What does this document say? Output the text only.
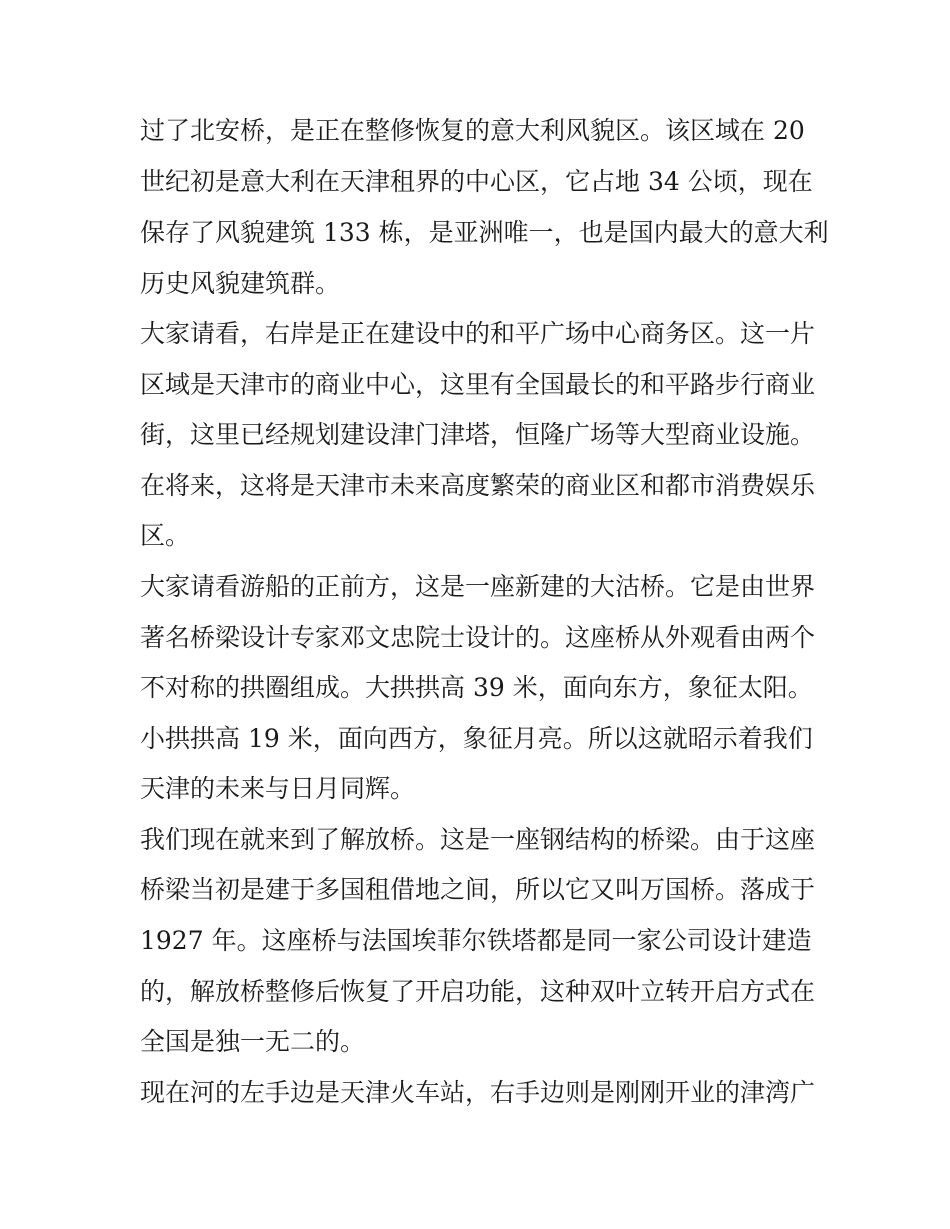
过了北安桥，是正在整修恢复的意大利风貌区。该区域在 20
世纪初是意大利在天津租界的中心区，它占地 34 公顷，现在
保存了风貌建筑 133 栋，是亚洲唯一，也是国内最大的意大利
历史风貌建筑群。
大家请看，右岸是正在建设中的和平广场中心商务区。这一片
区域是天津市的商业中心，这里有全国最长的和平路步行商业
街，这里已经规划建设津门津塔，恒隆广场等大型商业设施。
在将来，这将是天津市未来高度繁荣的商业区和都市消费娱乐
区。
大家请看游船的正前方，这是一座新建的大沽桥。它是由世界
著名桥梁设计专家邓文忠院士设计的。这座桥从外观看由两个
不对称的拱圈组成。大拱拱高 39 米，面向东方，象征太阳。
小拱拱高 19 米，面向西方，象征月亮。所以这就昭示着我们
天津的未来与日月同辉。
我们现在就来到了解放桥。这是一座钢结构的桥梁。由于这座
桥梁当初是建于多国租借地之间，所以它又叫万国桥。落成于
1927 年。这座桥与法国埃菲尔铁塔都是同一家公司设计建造
的，解放桥整修后恢复了开启功能，这种双叶立转开启方式在
全国是独一无二的。
现在河的左手边是天津火车站，右手边则是刚刚开业的津湾广
